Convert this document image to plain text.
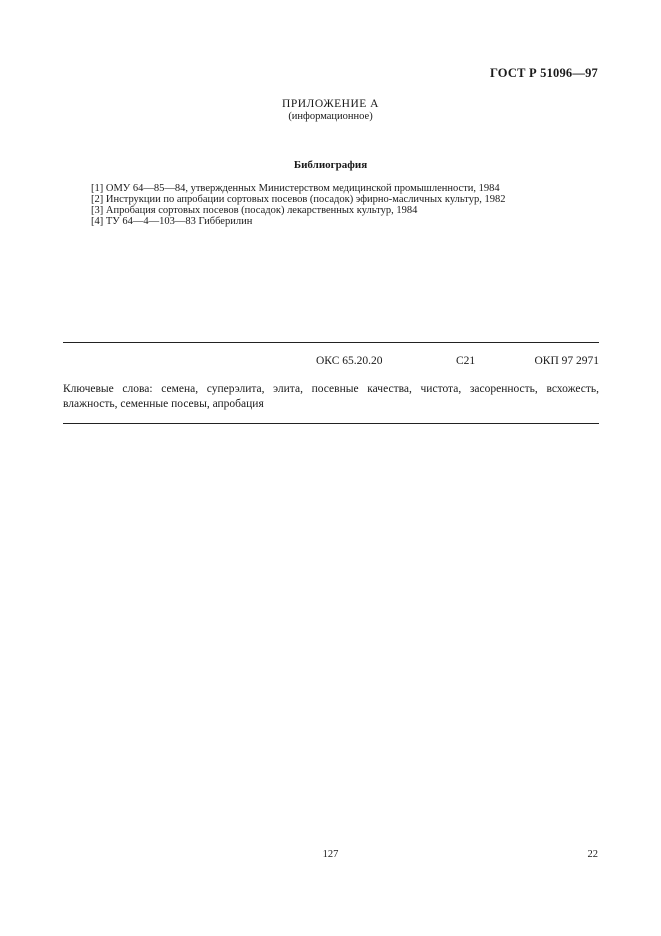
ГОСТ Р 51096—97
ПРИЛОЖЕНИЕ А
(информационное)
Библиография
[1] ОМУ 64—85—84, утвержденных Министерством медицинской промышленности, 1984
[2] Инструкции по апробации сортовых посевов (посадок) эфирно-масличных культур, 1982
[3] Апробация сортовых посевов (посадок) лекарственных культур, 1984
[4] ТУ 64—4—103—83 Гибберилин
ОКС 65.20.20	С21	ОКП 97 2971
Ключевые слова: семена, суперэлита, элита, посевные качества, чистота, засоренность, всхожесть, влажность, семенные посевы, апробация
127	22
